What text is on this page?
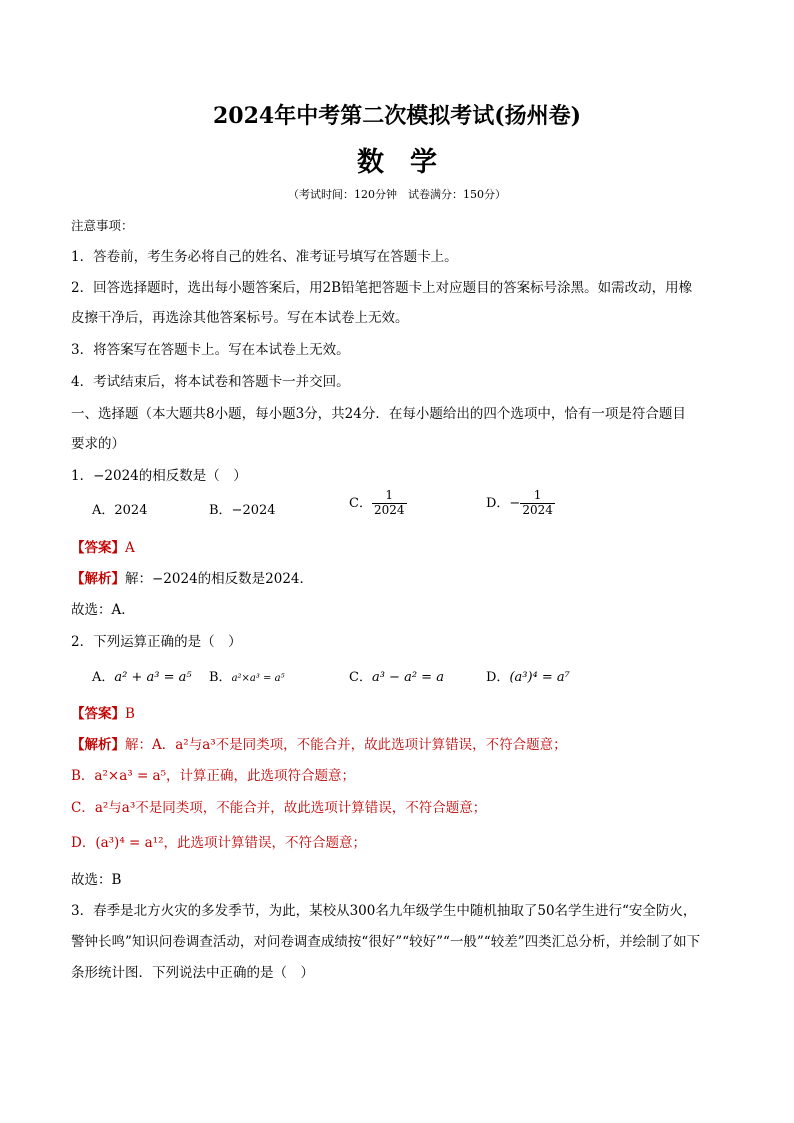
2024年中考第二次模拟考试(扬州卷)
数学
（考试时间：120分钟　试卷满分：150分）
注意事项：
1．答卷前，考生务必将自己的姓名、准考证号填写在答题卡上。
2．回答选择题时，选出每小题答案后，用2B铅笔把答题卡上对应题目的答案标号涂黑。如需改动，用橡
皮擦干净后，再选涂其他答案标号。写在本试卷上无效。
3．将答案写在答题卡上。写在本试卷上无效。
4．考试结束后，将本试卷和答题卡一并交回。
一、选择题（本大题共8小题，每小题3分，共24分．在每小题给出的四个选项中，恰有一项是符合题目
要求的）
1．−2024的相反数是（　）
A．2024	B．−2024	C． $\frac{1}{2024}$	D．− $\frac{1}{2024}$
【答案】A
【解析】解：−2024的相反数是2024．
故选：A．
2．下列运算正确的是（　）
A．a² + a³ = a⁵ B．a²×a³ = a⁵	C．a³ − a² = a	D．(a³)⁴ = a⁷
【答案】B
【解析】解：A．a²与a³不是同类项，不能合并，故此选项计算错误，不符合题意；
B．a²×a³ = a⁵，计算正确，此选项符合题意；
C．a²与a³不是同类项，不能合并，故此选项计算错误，不符合题意；
D．(a³)⁴ = a¹²，此选项计算错误，不符合题意；
故选：B
3．春季是北方火灾的多发季节，为此，某校从300名九年级学生中随机抽取了50名学生进行“安全防火，
警钟长鸣”知识问卷调查活动，对问卷调查成绩按“很好”“较好”“一般”“较差”四类汇总分析，并绘制了如下
条形统计图．下列说法中正确的是（　）
